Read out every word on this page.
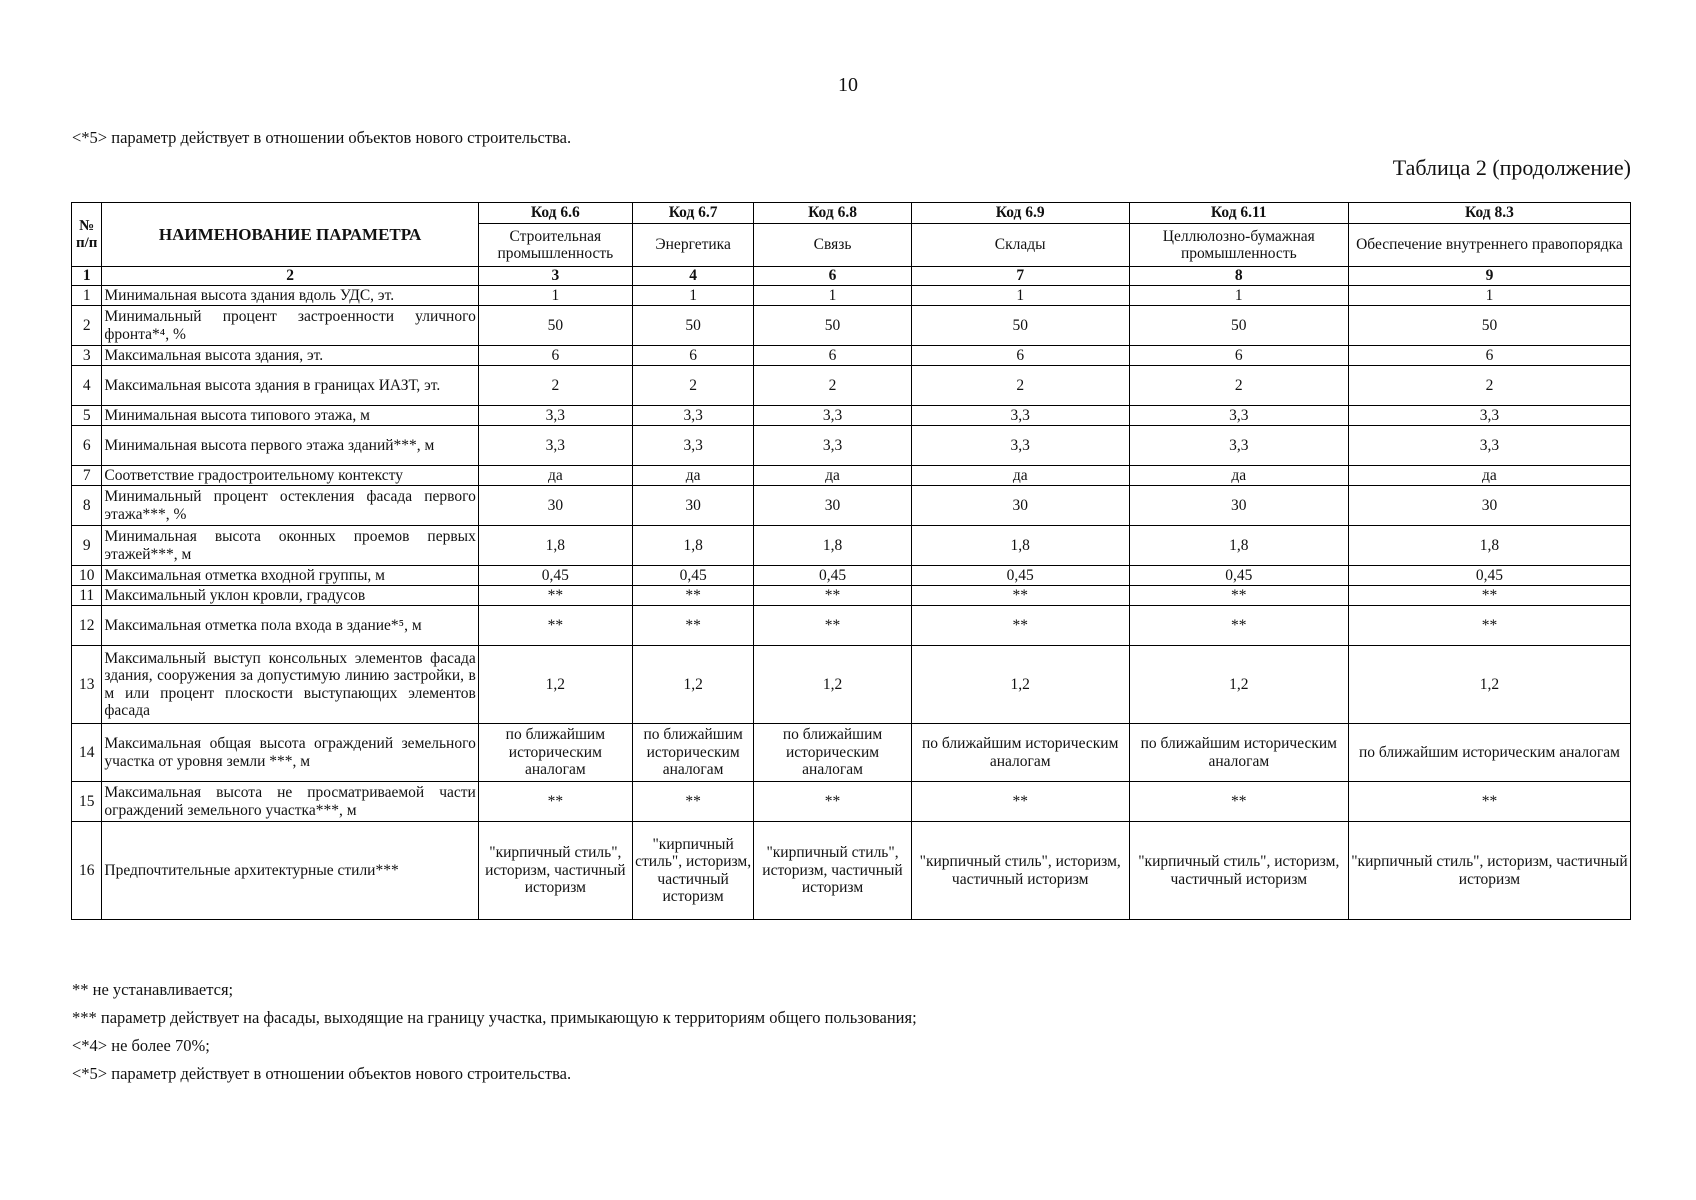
10
<*5> параметр действует в отношении объектов нового строительства.
Таблица 2 (продолжение)
№ п/п	НАИМЕНОВАНИЕ ПАРАМЕТРА	Код 6.6	Код 6.7	Код 6.8	Код 6.9	Код 6.11	Код 8.3
		Строительная промышленность	Энергетика	Связь	Склады	Целлюлозно-бумажная промышленность	Обеспечение внутреннего правопорядка
1	2	3	4	6	7	8	9
1	Минимальная высота здания вдоль УДС, эт.	1	1	1	1	1	1
2	Минимальный процент застроенности уличного фронта*⁴, %	50	50	50	50	50	50
3	Максимальная высота здания, эт.	6	6	6	6	6	6
4	Максимальная высота здания в границах ИАЗТ, эт.	2	2	2	2	2	2
5	Минимальная высота типового этажа, м	3,3	3,3	3,3	3,3	3,3	3,3
6	Минимальная высота первого этажа зданий***, м	3,3	3,3	3,3	3,3	3,3	3,3
7	Соответствие градостроительному контексту	да	да	да	да	да	да
8	Минимальный процент остекления фасада первого этажа***, %	30	30	30	30	30	30
9	Минимальная высота оконных проемов первых этажей***, м	1,8	1,8	1,8	1,8	1,8	1,8
10	Максимальная отметка входной группы, м	0,45	0,45	0,45	0,45	0,45	0,45
11	Максимальный уклон кровли, градусов	**	**	**	**	**	**
12	Максимальная отметка пола входа в здание*⁵, м	**	**	**	**	**	**
13	Максимальный выступ консольных элементов фасада здания, сооружения за допустимую линию застройки, в м или процент плоскости выступающих элементов фасада	1,2	1,2	1,2	1,2	1,2	1,2
14	Максимальная общая высота ограждений земельного участка от уровня земли ***, м	по ближайшим историческим аналогам	по ближайшим историческим аналогам	по ближайшим историческим аналогам	по ближайшим историческим аналогам	по ближайшим историческим аналогам	по ближайшим историческим аналогам
15	Максимальная высота не просматриваемой части ограждений земельного участка***, м	**	**	**	**	**	**
16	Предпочтительные архитектурные стили***	"кирпичный стиль", историзм, частичный историзм	"кирпичный стиль", историзм, частичный историзм	"кирпичный стиль", историзм, частичный историзм	"кирпичный стиль", историзм, частичный историзм	"кирпичный стиль", историзм, частичный историзм	"кирпичный стиль", историзм, частичный историзм
** не устанавливается;
*** параметр действует на фасады, выходящие на границу участка, примыкающую к территориям общего пользования;
<*4> не более 70%;
<*5> параметр действует в отношении объектов нового строительства.
